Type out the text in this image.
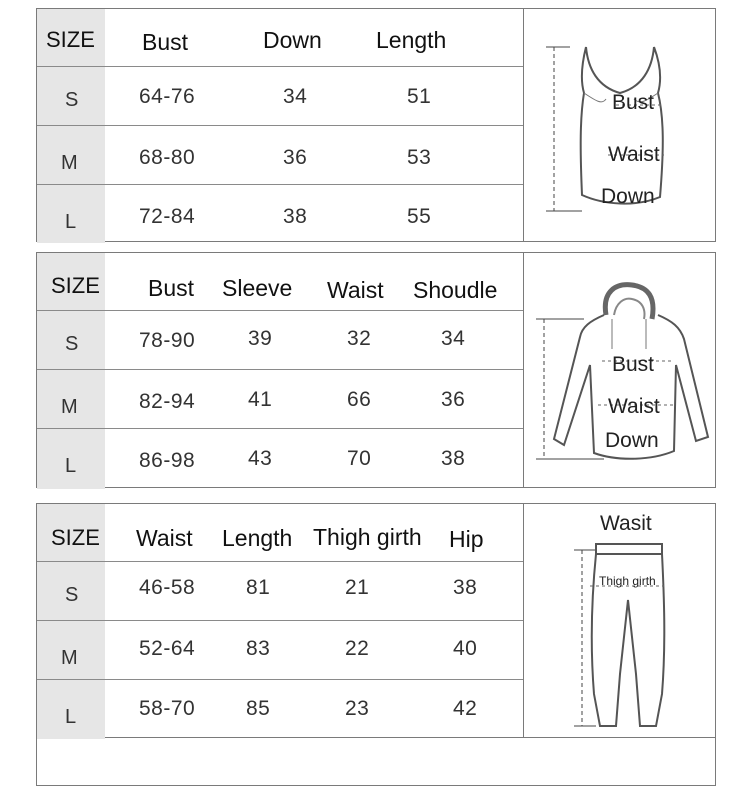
SIZE Bust	Down Length
S	64-76	34	51
M	68-80	36	53
L	72-84	38	55
Bust
Waist
Down
SIZE Bust Sleeve Waist Shoudle
S	78-90	39	32	34
M	82-94	41	66	36
L	86-98	43	70	38
Bust
Waist
Down
SIZE Waist Length Thigh girth Hip
S	46-58 81	21	38
M	52-64 83	22	40
L	58-70 85	23	42
Wasit
Thigh girth
